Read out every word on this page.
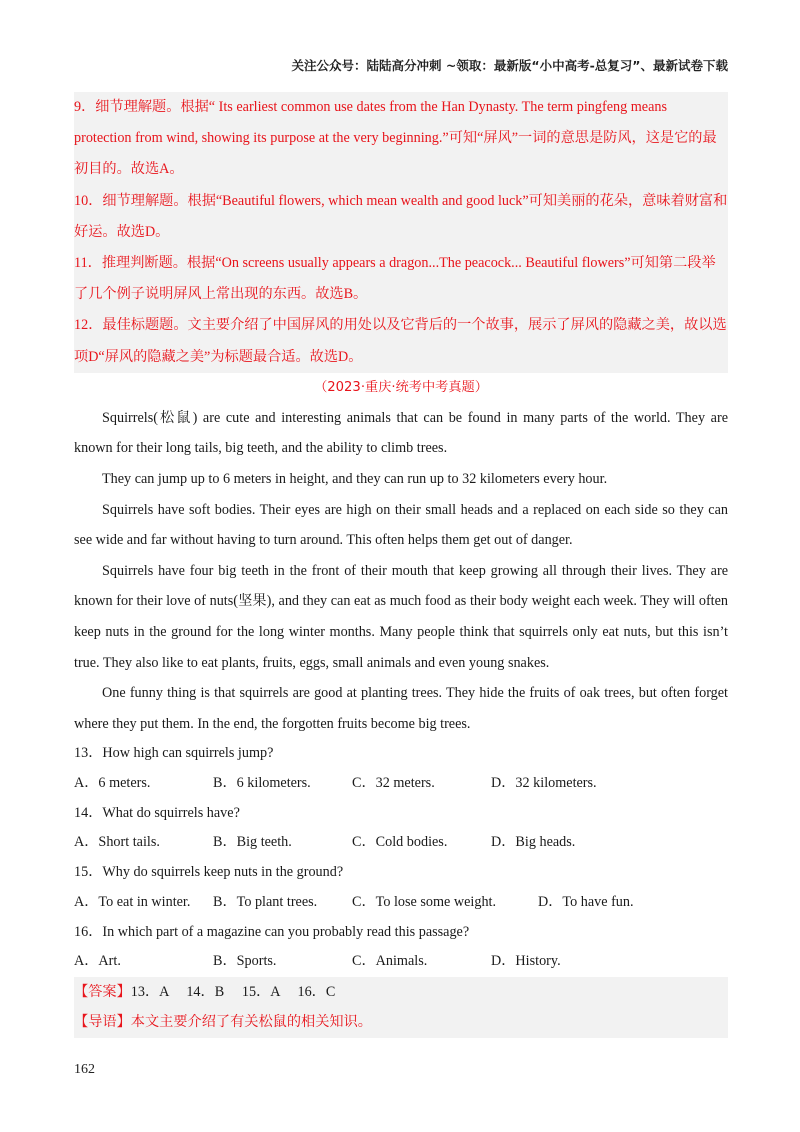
关注公众号：陆陆高分冲刺 ~领取：最新版“小中高考-总复习”、最新试卷下载

9．细节理解题。根据“ Its earliest common use dates from the Han Dynasty. The term pingfeng means protection from wind, showing its purpose at the very beginning.”可知“屏风”一词的意思是防风，这是它的最初目的。故选A。

10．细节理解题。根据“Beautiful flowers, which mean wealth and good luck”可知美丽的花朵，意味着财富和好运。故选D。

11．推理判断题。根据“On screens usually appears a dragon...The peacock... Beautiful flowers”可知第二段举了几个例子说明屏风上常出现的东西。故选B。

12．最佳标题题。文主要介绍了中国屏风的用处以及它背后的一个故事，展示了屏风的隐藏之美，故以选项D“屏风的隐藏之美”为标题最合适。故选D。

（2023·重庆·统考中考真题）

Squirrels(松鼠) are cute and interesting animals that can be found in many parts of the world. They are known for their long tails, big teeth, and the ability to climb trees.

They can jump up to 6 meters in height, and they can run up to 32 kilometers every hour.

Squirrels have soft bodies. Their eyes are high on their small heads and a replaced on each side so they can see wide and far without having to turn around. This often helps them get out of danger.

Squirrels have four big teeth in the front of their mouth that keep growing all through their lives. They are known for their love of nuts(坚果), and they can eat as much food as their body weight each week. They will often keep nuts in the ground for the long winter months. Many people think that squirrels only eat nuts, but this isn’t true. They also like to eat plants, fruits, eggs, small animals and even young snakes.

One funny thing is that squirrels are good at planting trees. They hide the fruits of oak trees, but often forget where they put them. In the end, the forgotten fruits become big trees.

13．How high can squirrels jump?

A．6 meters.	B．6 kilometers.	C．32 meters.	D．32 kilometers.

14．What do squirrels have?

A．Short tails.	B．Big teeth.	C．Cold bodies.	D．Big heads.

15．Why do squirrels keep nuts in the ground?

A．To eat in winter.	B．To plant trees.	C．To lose some weight.	D．To have fun.

16．In which part of a magazine can you probably read this passage?

A．Art.	B．Sports.	C．Animals.	D．History.

【答案】13．A　 14．B　 15．A　 16．C

【导语】本文主要介绍了有关松鼠的相关知识。

162
